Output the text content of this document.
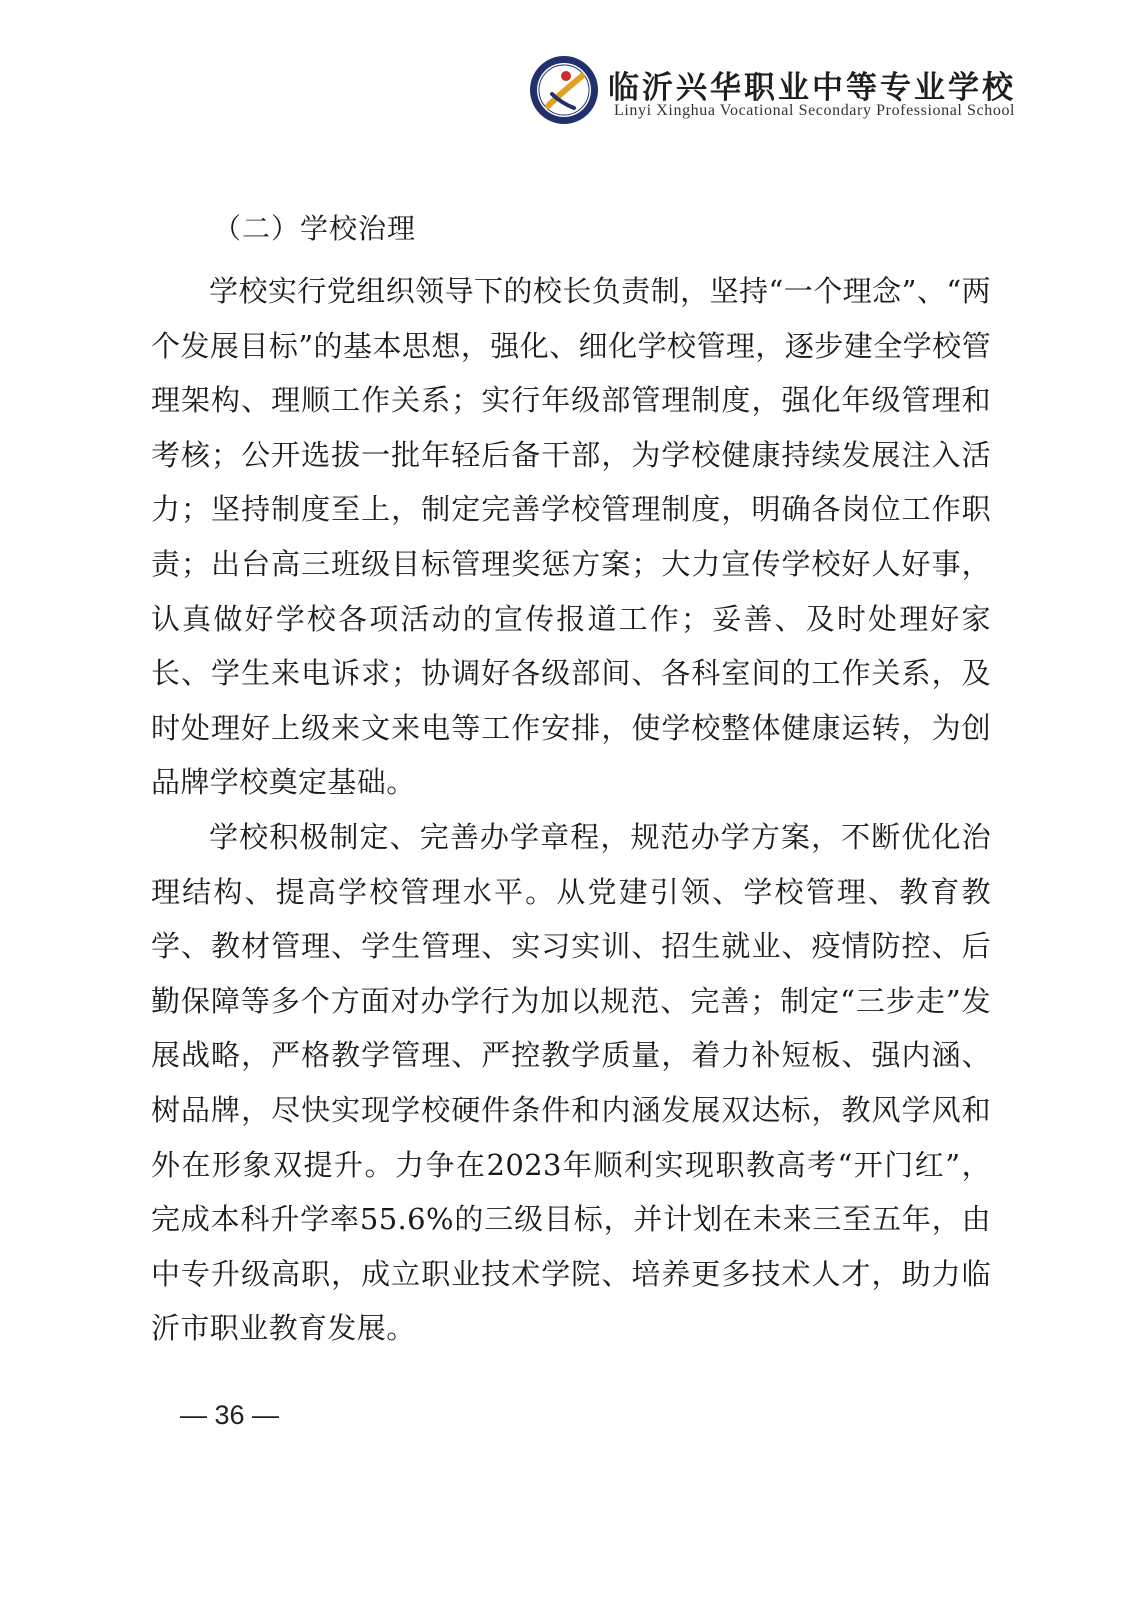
临沂兴华职业中等专业学校
Linyi Xinghua Vocational Secondary Professional School
（二）学校治理

学校实行党组织领导下的校长负责制，坚持“一个理念”、“两个发展目标”的基本思想，强化、细化学校管理，逐步建全学校管理架构、理顺工作关系；实行年级部管理制度，强化年级管理和考核；公开选拔一批年轻后备干部，为学校健康持续发展注入活力；坚持制度至上，制定完善学校管理制度，明确各岗位工作职责；出台高三班级目标管理奖惩方案；大力宣传学校好人好事，认真做好学校各项活动的宣传报道工作；妥善、及时处理好家长、学生来电诉求；协调好各级部间、各科室间的工作关系，及时处理好上级来文来电等工作安排，使学校整体健康运转，为创品牌学校奠定基础。

学校积极制定、完善办学章程，规范办学方案，不断优化治理结构、提高学校管理水平。从党建引领、学校管理、教育教学、教材管理、学生管理、实习实训、招生就业、疫情防控、后勤保障等多个方面对办学行为加以规范、完善；制定“三步走”发展战略，严格教学管理、严控教学质量，着力补短板、强内涵、树品牌，尽快实现学校硬件条件和内涵发展双达标，教风学风和外在形象双提升。力争在2023年顺利实现职教高考“开门红”，完成本科升学率55.6%的三级目标，并计划在未来三至五年，由中专升级高职，成立职业技术学院、培养更多技术人才，助力临沂市职业教育发展。

— 36 —
